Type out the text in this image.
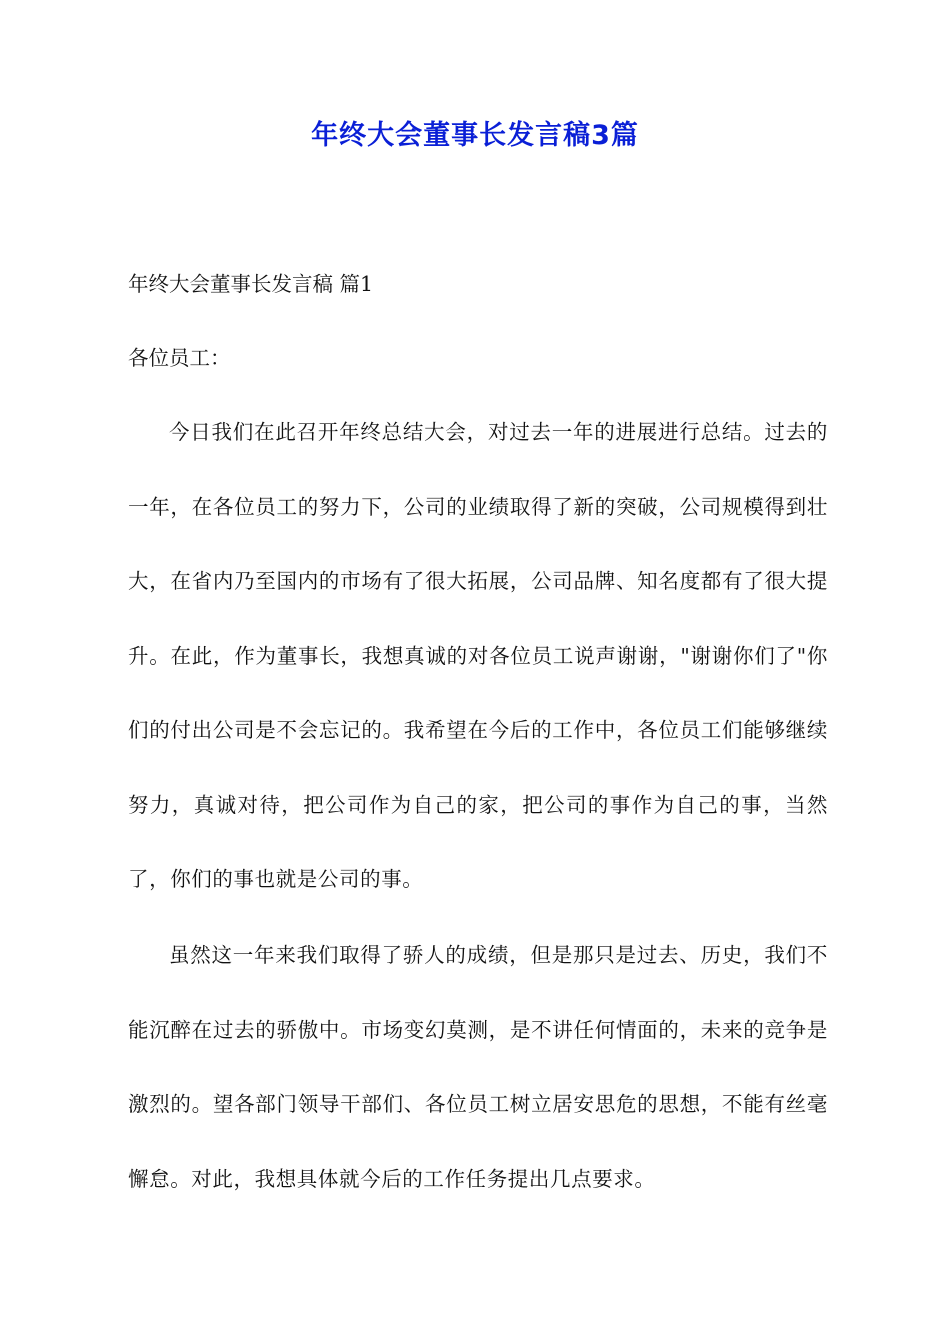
年终大会董事长发言稿3篇
年终大会董事长发言稿 篇1
各位员工：

今日我们在此召开年终总结大会，对过去一年的进展进行总结。过去的一年，在各位员工的努力下，公司的业绩取得了新的突破，公司规模得到壮大，在省内乃至国内的市场有了很大拓展，公司品牌、知名度都有了很大提升。在此，作为董事长，我想真诚的对各位员工说声谢谢，"谢谢你们了"你们的付出公司是不会忘记的。我希望在今后的工作中，各位员工们能够继续努力，真诚对待，把公司作为自己的家，把公司的事作为自己的事，当然了，你们的事也就是公司的事。

虽然这一年来我们取得了骄人的成绩，但是那只是过去、历史，我们不能沉醉在过去的骄傲中。市场变幻莫测，是不讲任何情面的，未来的竞争是激烈的。望各部门领导干部们、各位员工树立居安思危的思想，不能有丝毫懈怠。对此，我想具体就今后的工作任务提出几点要求。
